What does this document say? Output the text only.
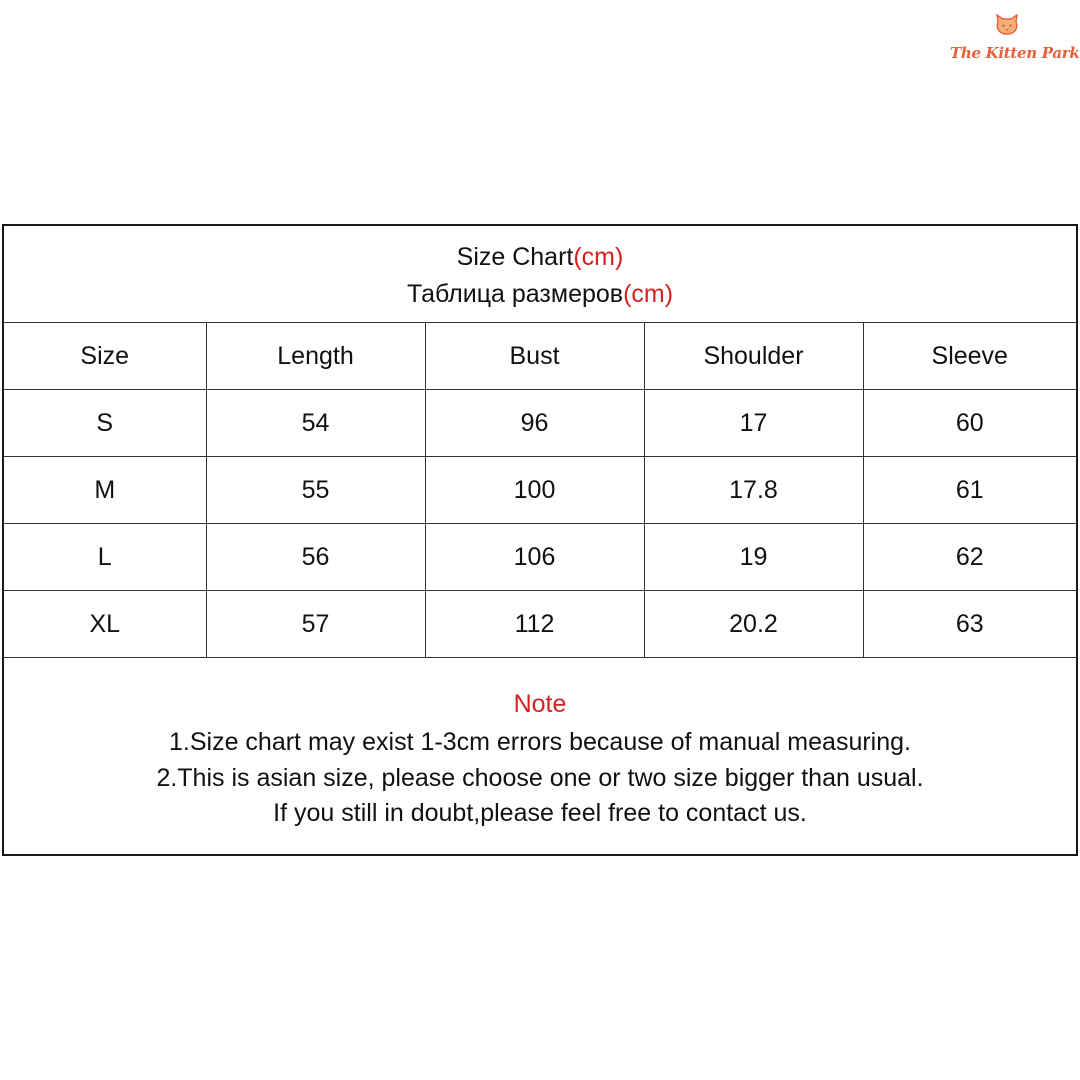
The Kitten Park
Size Chart(cm)
Таблица размеров(cm)
Size	Length	Bust	Shoulder	Sleeve
S	54	96	17	60
M	55	100	17.8	61
L	56	106	19	62
XL	57	112	20.2	63
Note
1.Size chart may exist 1-3cm errors because of manual measuring.
2.This is asian size, please choose one or two size bigger than usual.
If you still in doubt,please feel free to contact us.
